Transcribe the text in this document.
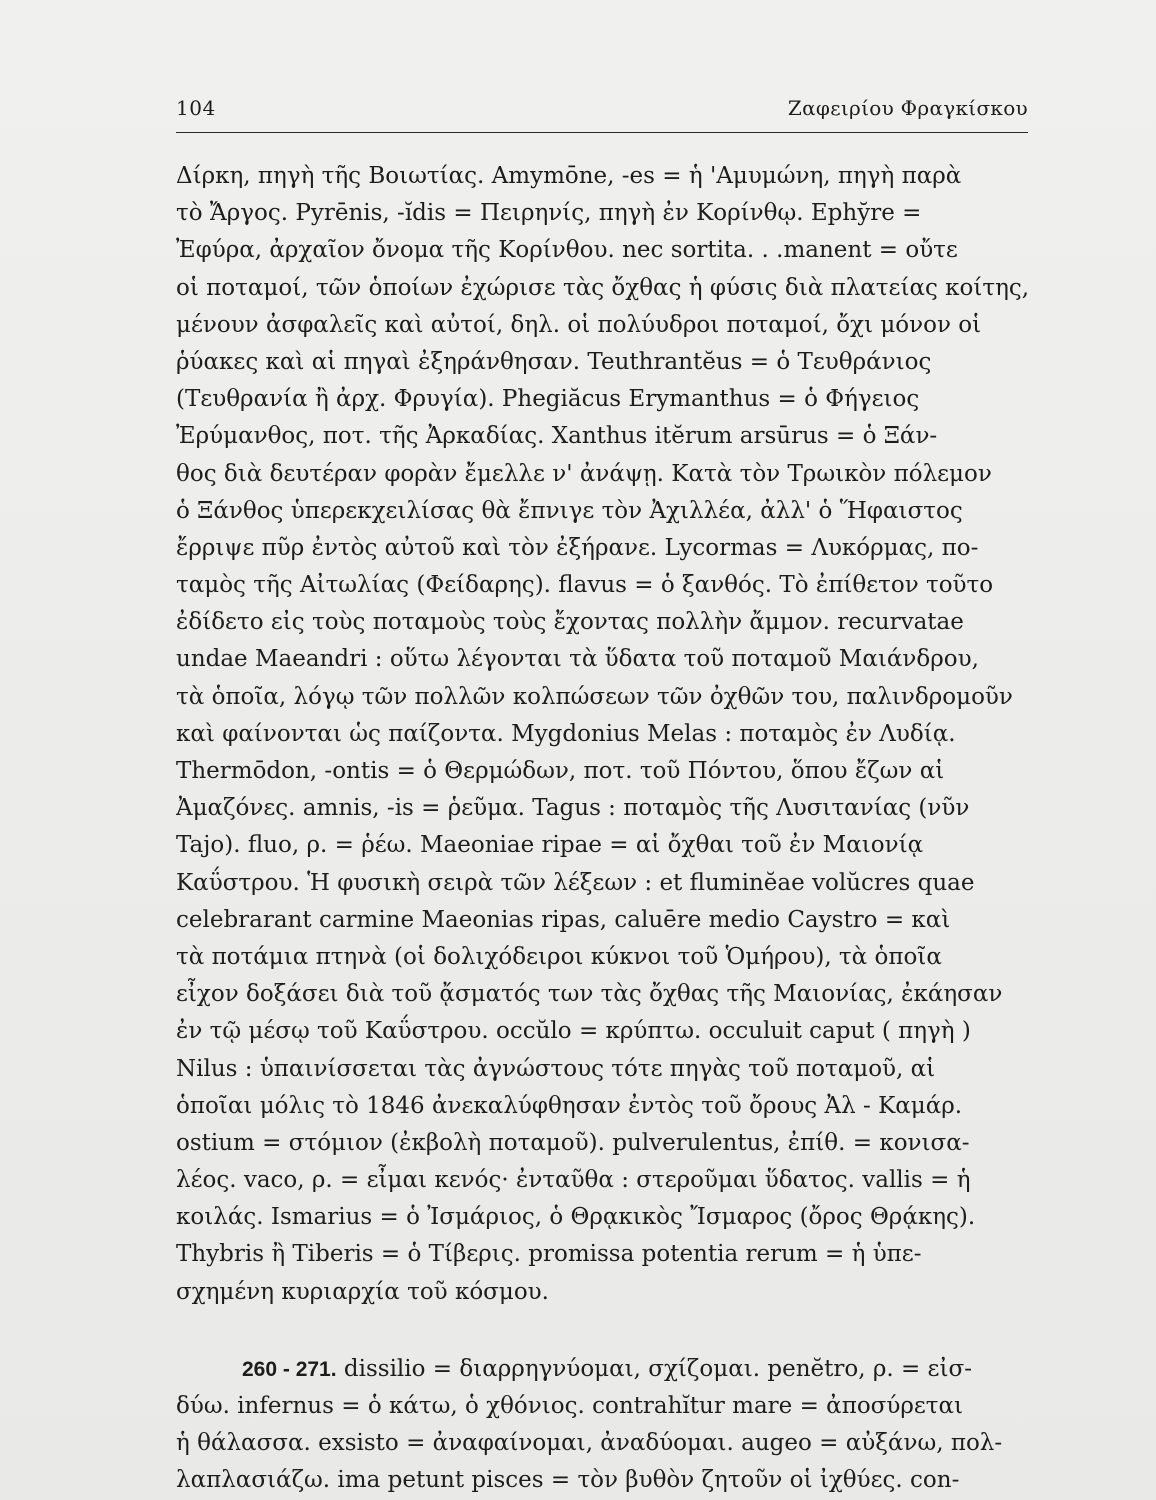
104	Ζαφειρίου Φραγκίσκου
Δίρκη, πηγὴ τῆς Βοιωτίας. Amymōne, -es = ἡ 'Αμυμώνη, πηγὴ παρὰ
τὸ Ἄργος. Pyrēnis, -ĭdis = Πειρηνίς, πηγὴ ἐν Κορίνθῳ. Ephy̆re =
Ἐφύρα, ἀρχαῖον ὄνομα τῆς Κορίνθου. nec sortita. . .manent = οὔτε
οἱ ποταμοί, τῶν ὁποίων ἐχώρισε τὰς ὄχθας ἡ φύσις διὰ πλατείας κοίτης,
μένουν ἀσφαλεῖς καὶ αὐτοί, δηλ. οἱ πολύυδροι ποταμοί, ὄχι μόνον οἱ
ῥύακες καὶ αἱ πηγαὶ ἐξηράνθησαν. Teuthrantĕus = ὁ Τευθράνιος
(Τευθρανία ἢ ἀρχ. Φρυγία). Phegiăcus Erymanthus = ὁ Φήγειος
Ἐρύμανθος, ποτ. τῆς Ἀρκαδίας. Xanthus itĕrum arsūrus = ὁ Ξάν-
θος διὰ δευτέραν φορὰν ἔμελλε ν' ἀνάψῃ. Κατὰ τὸν Τρωικὸν πόλεμον
ὁ Ξάνθος ὑπερεκχειλίσας θὰ ἔπνιγε τὸν Ἀχιλλέα, ἀλλ' ὁ Ἥφαιστος
ἔρριψε πῦρ ἐντὸς αὐτοῦ καὶ τὸν ἐξήρανε. Lycormas = Λυκόρμας, πο-
ταμὸς τῆς Αἰτωλίας (Φείδαρης). flavus = ὁ ξανθός. Τὸ ἐπίθετον τοῦτο
ἐδίδετο εἰς τοὺς ποταμοὺς τοὺς ἔχοντας πολλὴν ἄμμον. recurvatae
undae Maeandri : οὕτω λέγονται τὰ ὕδατα τοῦ ποταμοῦ Μαιάνδρου,
τὰ ὁποῖα, λόγῳ τῶν πολλῶν κολπώσεων τῶν ὀχθῶν του, παλινδρομοῦν
καὶ φαίνονται ὡς παίζοντα. Mygdonius Melas : ποταμὸς ἐν Λυδίᾳ.
Thermōdon, -ontis = ὁ Θερμώδων, ποτ. τοῦ Πόντου, ὅπου ἔζων αἱ
Ἀμαζόνες. amnis, -is = ῥεῦμα. Tagus : ποταμὸς τῆς Λυσιτανίας (νῦν
Tajo). fluo, ρ. = ῥέω. Maeoniae ripae = αἱ ὄχθαι τοῦ ἐν Μαιονίᾳ
Καΰστρου. Ἡ φυσικὴ σειρὰ τῶν λέξεων : et fluminĕae volŭcres quae
celebrarant carmine Maeonias ripas, caluēre medio Caystro = καὶ
τὰ ποτάμια πτηνὰ (οἱ δολιχόδειροι κύκνοι τοῦ Ὁμήρου), τὰ ὁποῖα
εἶχον δοξάσει διὰ τοῦ ᾄσματός των τὰς ὄχθας τῆς Μαιονίας, ἐκάησαν
ἐν τῷ μέσῳ τοῦ Καΰστρου. occŭlo = κρύπτω. occuluit caput ( πηγὴ )
Nilus : ὑπαινίσσεται τὰς ἀγνώστους τότε πηγὰς τοῦ ποταμοῦ, αἱ
ὁποῖαι μόλις τὸ 1846 ἀνεκαλύφθησαν ἐντὸς τοῦ ὄρους Ἀλ - Καμάρ.
ostium = στόμιον (ἐκβολὴ ποταμοῦ). pulverulentus, ἐπίθ. = κονισα-
λέος. vaco, ρ. = εἶμαι κενός· ἐνταῦθα : στεροῦμαι ὕδατος. vallis = ἡ
κοιλάς. Ismarius = ὁ Ἰσμάριος, ὁ Θρᾳκικὸς Ἴσμαρος (ὄρος Θρᾴκης).
Thybris ἢ Tiberis = ὁ Τίβερις. promissa potentia rerum = ἡ ὑπε-
σχημένη κυριαρχία τοῦ κόσμου.
260 - 271. dissilio = διαρρηγνύομαι, σχίζομαι. penĕtro, ρ. = εἰσ-
δύω. infernus = ὁ κάτω, ὁ χθόνιος. contrahĭtur mare = ἀποσύρεται
ἡ θάλασσα. exsisto = ἀναφαίνομαι, ἀναδύομαι. augeo = αὐξάνω, πολ-
λαπλασιάζω. ima petunt pisces = τὸν βυθὸν ζητοῦν οἱ ἰχθύες. con-
